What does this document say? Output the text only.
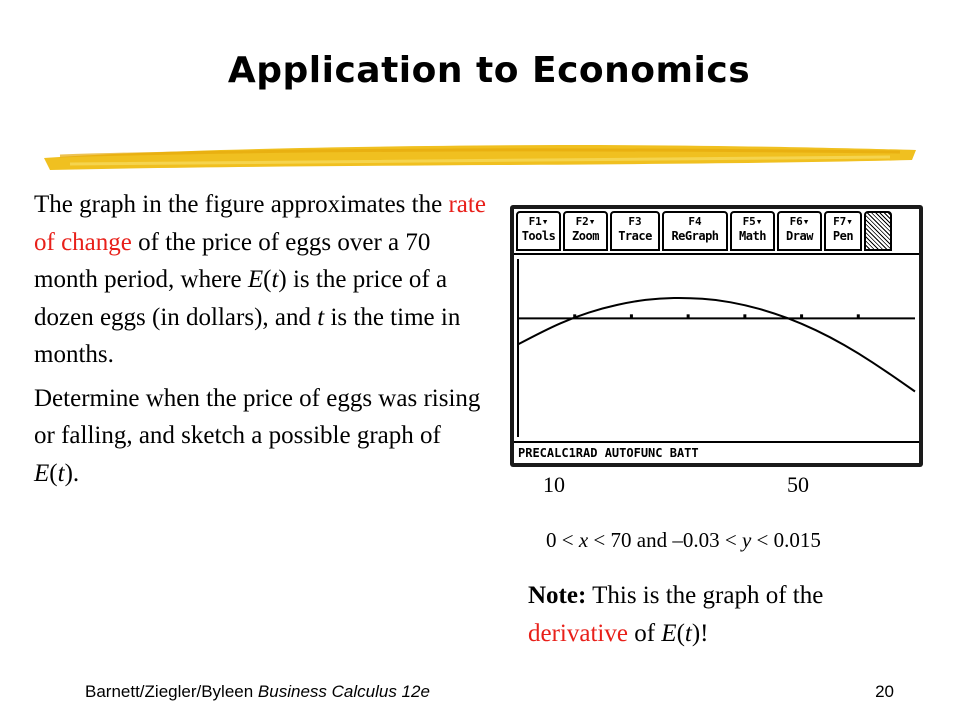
Application to Economics

The graph in the figure approximates the rate of change of the price of eggs over a 70 month period, where E(t) is the price of a dozen eggs (in dollars), and t is the time in months.

Determine when the price of eggs was rising or falling, and sketch a possible graph of E(t).

F1▾
Tools
F2▾
Zoom
F3
Trace
F4
ReGraph
F5▾
Math
F6▾
Draw
F7▾
Pen
PRECALC1 RAD AUTO FUNC BATT
10	50
0 < x < 70 and –0.03 < y < 0.015
Note: This is the graph of the derivative of E(t)!
Barnett/Ziegler/Byleen Business Calculus 12e	20
